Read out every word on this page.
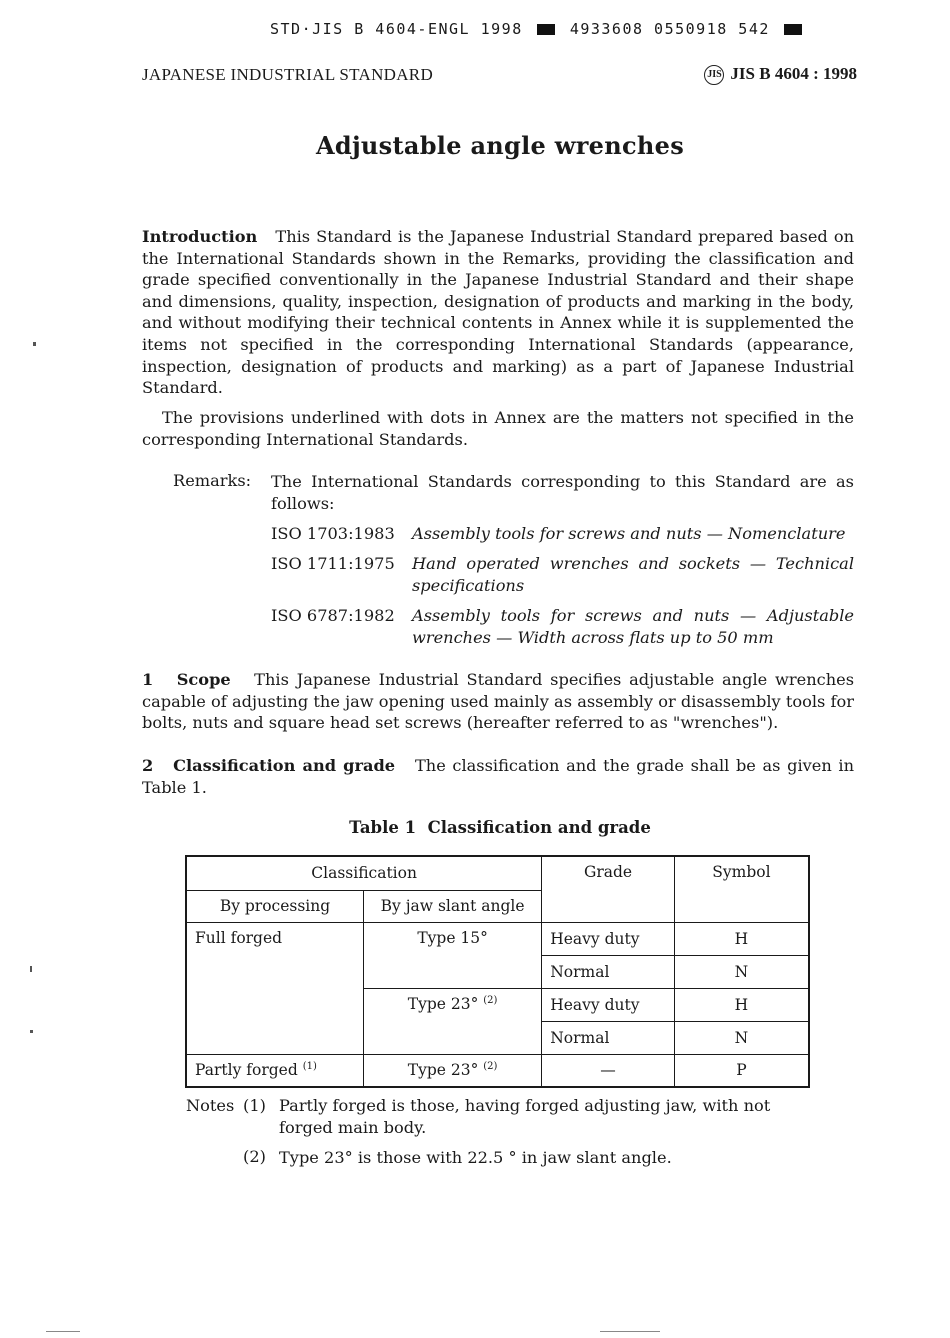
STD·JIS B 4604-ENGL 1998	4933608 0550918 542
JAPANESE INDUSTRIAL STANDARD	JIS JIS B 4604 : 1998
Adjustable angle wrenches
Introduction This Standard is the Japanese Industrial Standard prepared based on the International Standards shown in the Remarks, providing the classification and grade specified conventionally in the Japanese Industrial Standard and their shape and dimensions, quality, inspection, designation of products and marking in the body, and without modifying their technical contents in Annex while it is supplemented the items not specified in the corresponding International Standards (appearance, inspection, designation of products and marking) as a part of Japanese Industrial Standard.
The provisions underlined with dots in Annex are the matters not specified in the corresponding International Standards.
Remarks: The International Standards corresponding to this Standard are as follows:
ISO 1703:1983	Assembly tools for screws and nuts — Nomenclature
ISO 1711:1975	Hand operated wrenches and sockets — Technical specifications
ISO 6787:1982	Assembly tools for screws and nuts — Adjustable wrenches — Width across flats up to 50 mm
1 Scope This Japanese Industrial Standard specifies adjustable angle wrenches capable of adjusting the jaw opening used mainly as assembly or disassembly tools for bolts, nuts and square head set screws (hereafter referred to as "wrenches").
2 Classification and grade The classification and the grade shall be as given in Table 1.
Table 1  Classification and grade
Classification		Grade	Symbol
By processing	By jaw slant angle		
Full forged	Type 15°	Heavy duty	H
		Normal	N
	Type 23° $^{(2)}$	Heavy duty	H
		Normal	N
Partly forged $^{(1)}$	Type 23° $^{(2)}$	—	P
Notes (1) Partly forged is those, having forged adjusting jaw, with not forged main body.
(2) Type 23° is those with 22.5 ° in jaw slant angle.
